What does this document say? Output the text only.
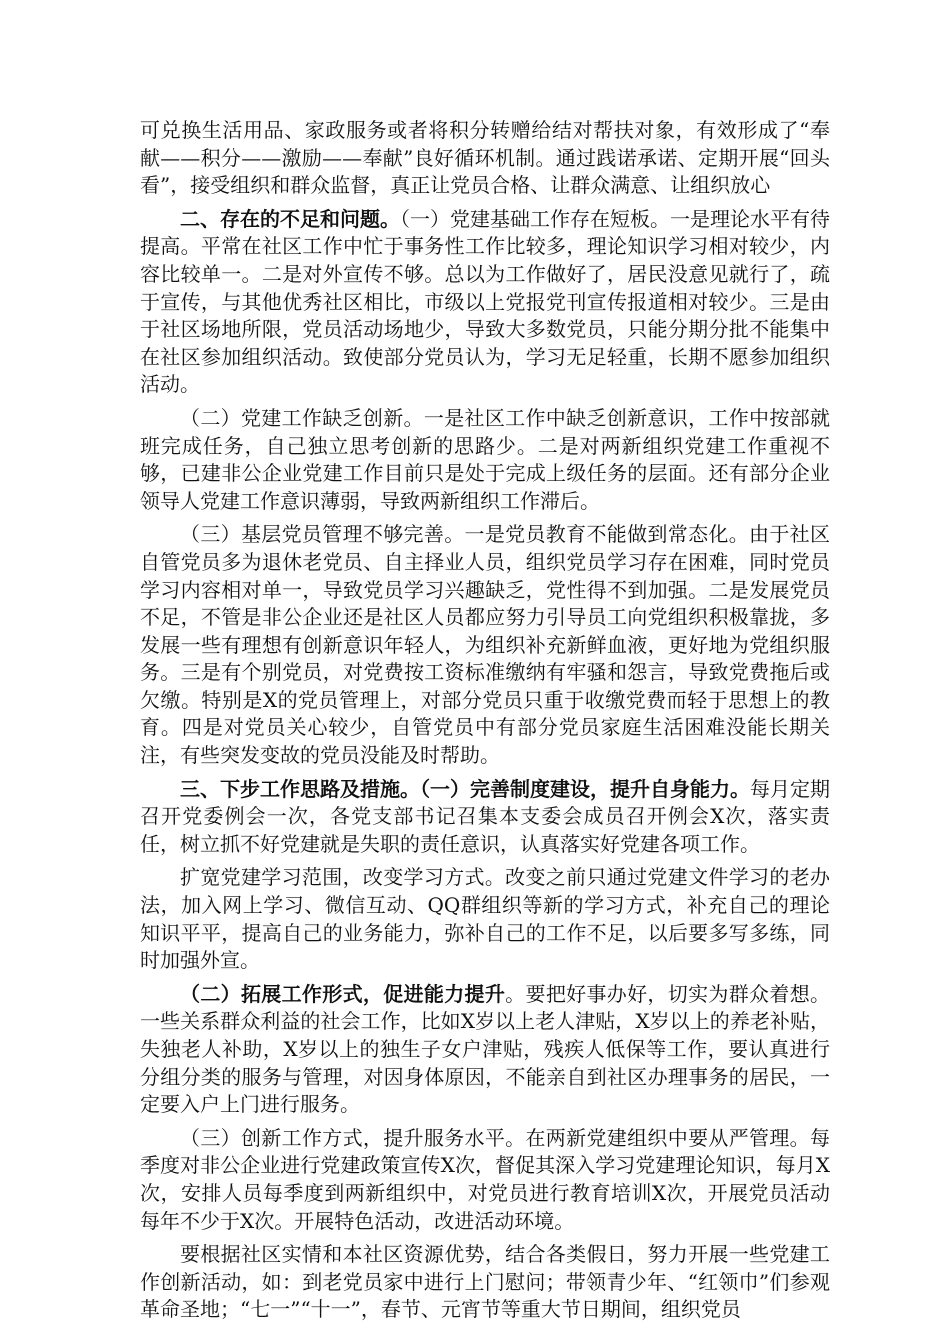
可兑换生活用品、家政服务或者将积分转赠给结对帮扶对象，有效形成了“奉献——积分——激励——奉献”良好循环机制。通过践诺承诺、定期开展“回头看”，接受组织和群众监督，真正让党员合格、让群众满意、让组织放心

二、存在的不足和问题。（一）党建基础工作存在短板。一是理论水平有待提高。平常在社区工作中忙于事务性工作比较多，理论知识学习相对较少，内容比较单一。二是对外宣传不够。总以为工作做好了，居民没意见就行了，疏于宣传，与其他优秀社区相比，市级以上党报党刊宣传报道相对较少。三是由于社区场地所限，党员活动场地少，导致大多数党员，只能分期分批不能集中在社区参加组织活动。致使部分党员认为，学习无足轻重，长期不愿参加组织活动。

（二）党建工作缺乏创新。一是社区工作中缺乏创新意识，工作中按部就班完成任务，自己独立思考创新的思路少。二是对两新组织党建工作重视不够，已建非公企业党建工作目前只是处于完成上级任务的层面。还有部分企业领导人党建工作意识薄弱，导致两新组织工作滞后。

（三）基层党员管理不够完善。一是党员教育不能做到常态化。由于社区自管党员多为退休老党员、自主择业人员，组织党员学习存在困难，同时党员学习内容相对单一，导致党员学习兴趣缺乏，党性得不到加强。二是发展党员不足，不管是非公企业还是社区人员都应努力引导员工向党组织积极靠拢，多发展一些有理想有创新意识年轻人，为组织补充新鲜血液，更好地为党组织服务。三是有个别党员，对党费按工资标准缴纳有牢骚和怨言，导致党费拖后或欠缴。特别是X的党员管理上，对部分党员只重于收缴党费而轻于思想上的教育。四是对党员关心较少，自管党员中有部分党员家庭生活困难没能长期关注，有些突发变故的党员没能及时帮助。

三、下步工作思路及措施。（一）完善制度建设，提升自身能力。每月定期召开党委例会一次，各党支部书记召集本支委会成员召开例会X次，落实责任，树立抓不好党建就是失职的责任意识，认真落实好党建各项工作。

扩宽党建学习范围，改变学习方式。改变之前只通过党建文件学习的老办法，加入网上学习、微信互动、QQ群组织等新的学习方式，补充自己的理论知识平平，提高自己的业务能力，弥补自己的工作不足，以后要多写多练，同时加强外宣。

（二）拓展工作形式，促进能力提升。要把好事办好，切实为群众着想。一些关系群众利益的社会工作，比如X岁以上老人津贴，X岁以上的养老补贴，失独老人补助，X岁以上的独生子女户津贴，残疾人低保等工作，要认真进行分组分类的服务与管理，对因身体原因，不能亲自到社区办理事务的居民，一定要入户上门进行服务。

（三）创新工作方式，提升服务水平。在两新党建组织中要从严管理。每季度对非公企业进行党建政策宣传X次，督促其深入学习党建理论知识，每月X次，安排人员每季度到两新组织中，对党员进行教育培训X次，开展党员活动每年不少于X次。开展特色活动，改进活动环境。

要根据社区实情和本社区资源优势，结合各类假日，努力开展一些党建工作创新活动，如：到老党员家中进行上门慰问；带领青少年、“红领巾”们参观革命圣地；“七一”“十一”，春节、元宵节等重大节日期间，组织党员
